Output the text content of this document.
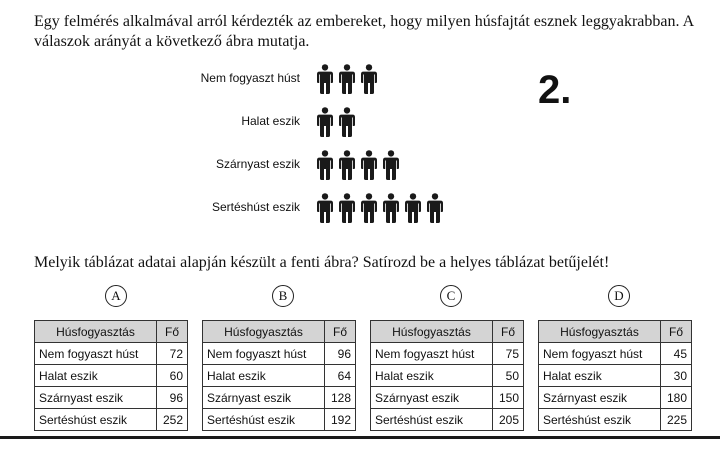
Egy felmérés alkalmával arról kérdezték az embereket, hogy milyen húsfajtát esznek leggyakrabban. A válaszok arányát a következő ábra mutatja.
2.
Nem fogyaszt húst
Halat eszik
Szárnyast eszik
Sertéshúst eszik
Melyik táblázat adatai alapján készült a fenti ábra? Satírozd be a helyes táblázat betűjelét!
A
Húsfogyasztás	Fő
Nem fogyaszt húst	72
Halat eszik	60
Szárnyast eszik	96
Sertéshúst eszik	252
B
Húsfogyasztás	Fő
Nem fogyaszt húst	96
Halat eszik	64
Szárnyast eszik	128
Sertéshúst eszik	192
C
Húsfogyasztás	Fő
Nem fogyaszt húst	75
Halat eszik	50
Szárnyast eszik	150
Sertéshúst eszik	205
D
Húsfogyasztás	Fő
Nem fogyaszt húst	45
Halat eszik	30
Szárnyast eszik	180
Sertéshúst eszik	225
